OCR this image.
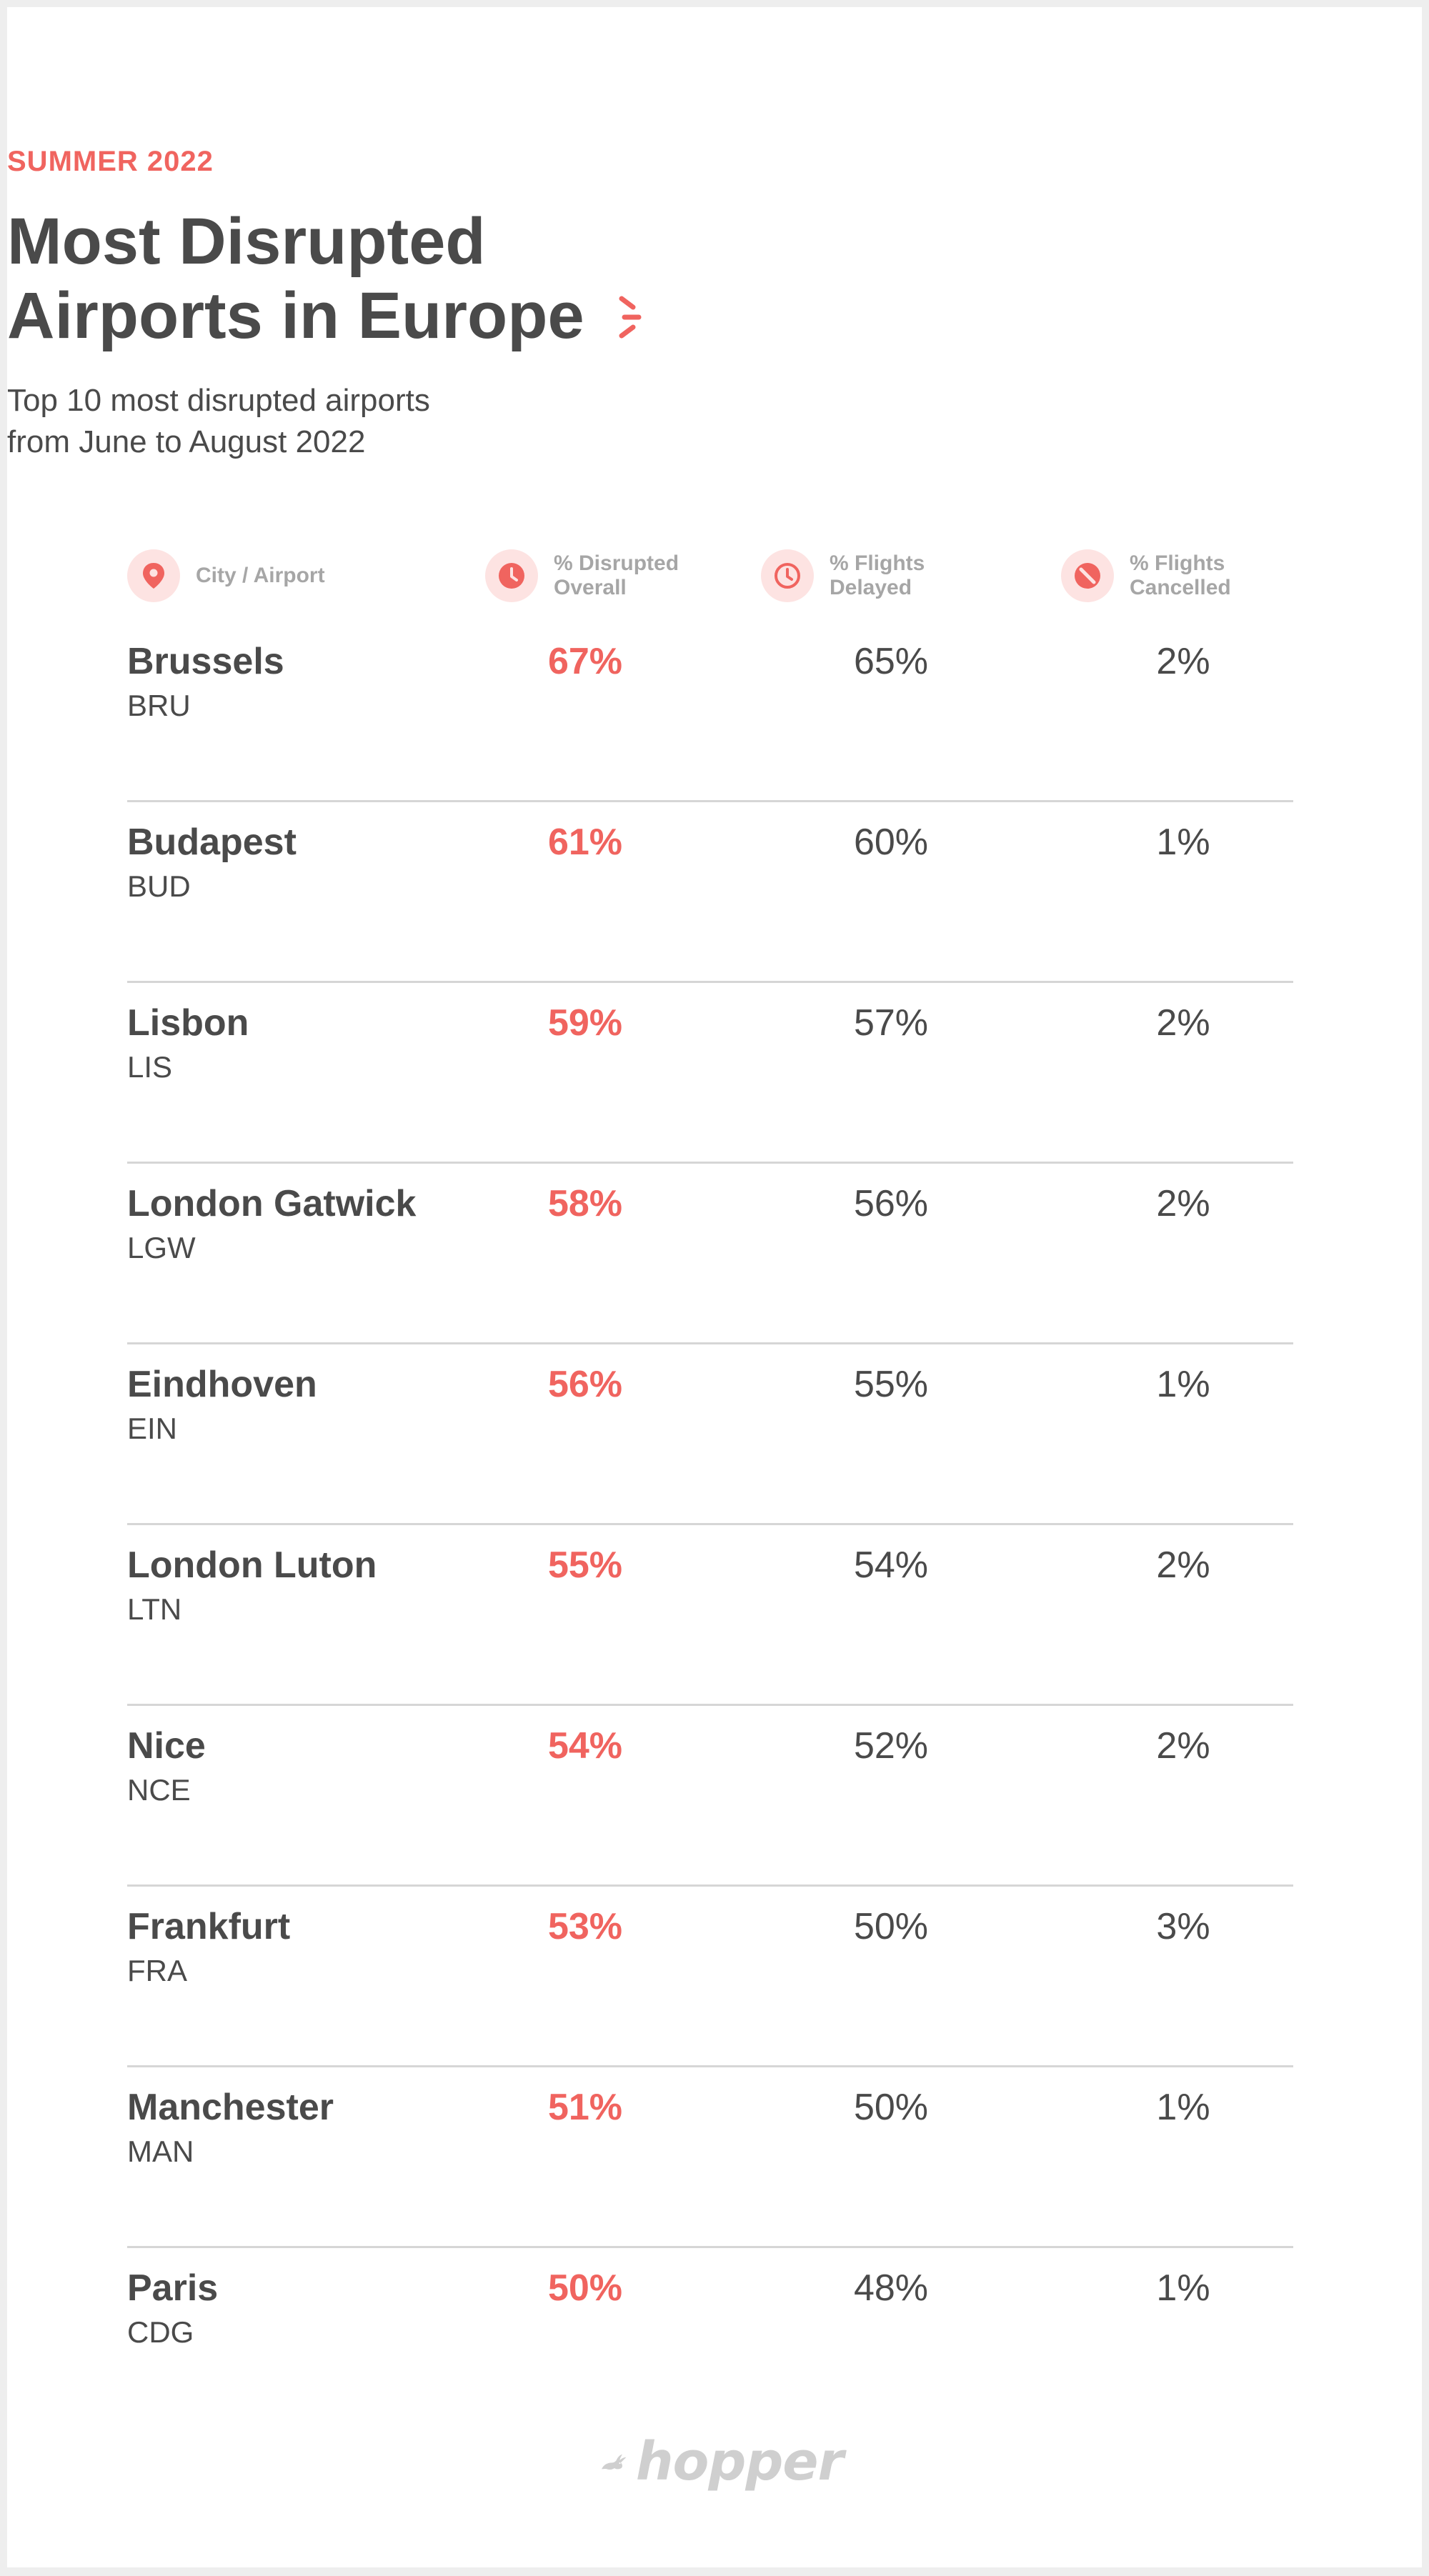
SUMMER 2022
Most Disrupted
Airports in Europe
Top 10 most disrupted airports
from June to August 2022
City / Airport
% Disrupted
Overall
% Flights
Delayed
% Flights
Cancelled
Brussels
BRU
67%	65%	2%
Budapest
BUD
61%	60%	1%
Lisbon
LIS
59%	57%	2%
London Gatwick
LGW
58%	56%	2%
Eindhoven
EIN
56%	55%	1%
London Luton
LTN
55%	54%	2%
Nice
NCE
54%	52%	2%
Frankfurt
FRA
53%	50%	3%
Manchester
MAN
51%	50%	1%
Paris
CDG
50%	48%	1%
hopper
